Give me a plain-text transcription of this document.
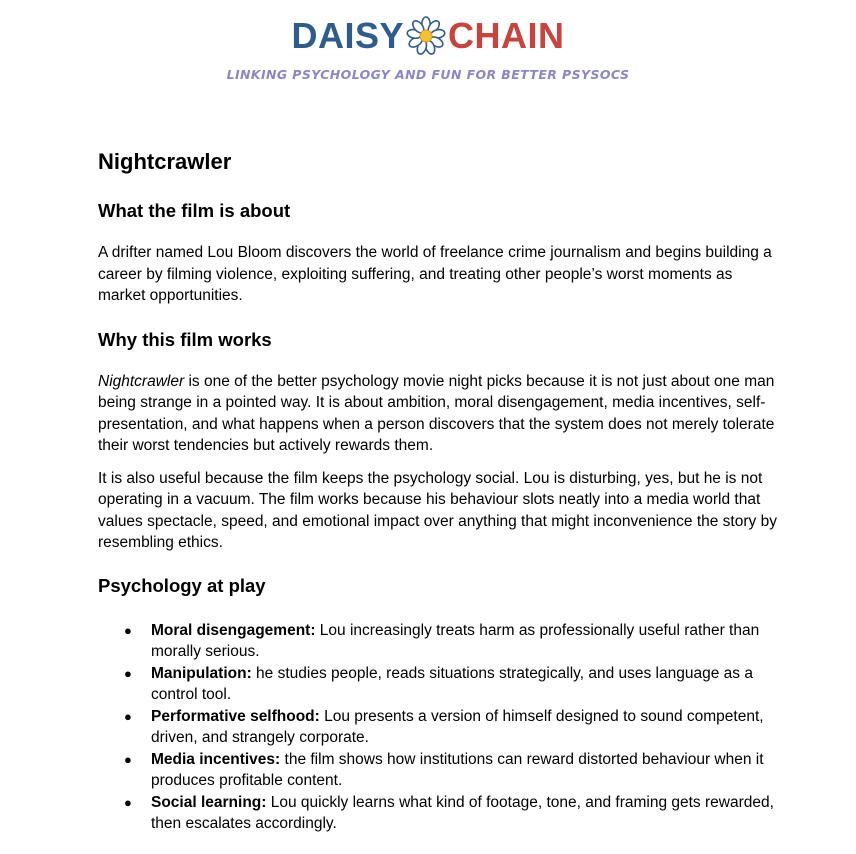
DAISY CHAIN
LINKING PSYCHOLOGY AND FUN FOR BETTER PSYSOCS
Nightcrawler
What the film is about

A drifter named Lou Bloom discovers the world of freelance crime journalism and begins building a career by filming violence, exploiting suffering, and treating other people’s worst moments as market opportunities.

Why this film works

Nightcrawler is one of the better psychology movie night picks because it is not just about one man being strange in a pointed way. It is about ambition, moral disengagement, media incentives, self-presentation, and what happens when a person discovers that the system does not merely tolerate their worst tendencies but actively rewards them.

It is also useful because the film keeps the psychology social. Lou is disturbing, yes, but he is not operating in a vacuum. The film works because his behaviour slots neatly into a media world that values spectacle, speed, and emotional impact over anything that might inconvenience the story by resembling ethics.

Psychology at play
● Moral disengagement: Lou increasingly treats harm as professionally useful rather than morally serious.
● Manipulation: he studies people, reads situations strategically, and uses language as a control tool.
● Performative selfhood: Lou presents a version of himself designed to sound competent, driven, and strangely corporate.
● Media incentives: the film shows how institutions can reward distorted behaviour when it produces profitable content.
● Social learning: Lou quickly learns what kind of footage, tone, and framing gets rewarded, then escalates accordingly.
